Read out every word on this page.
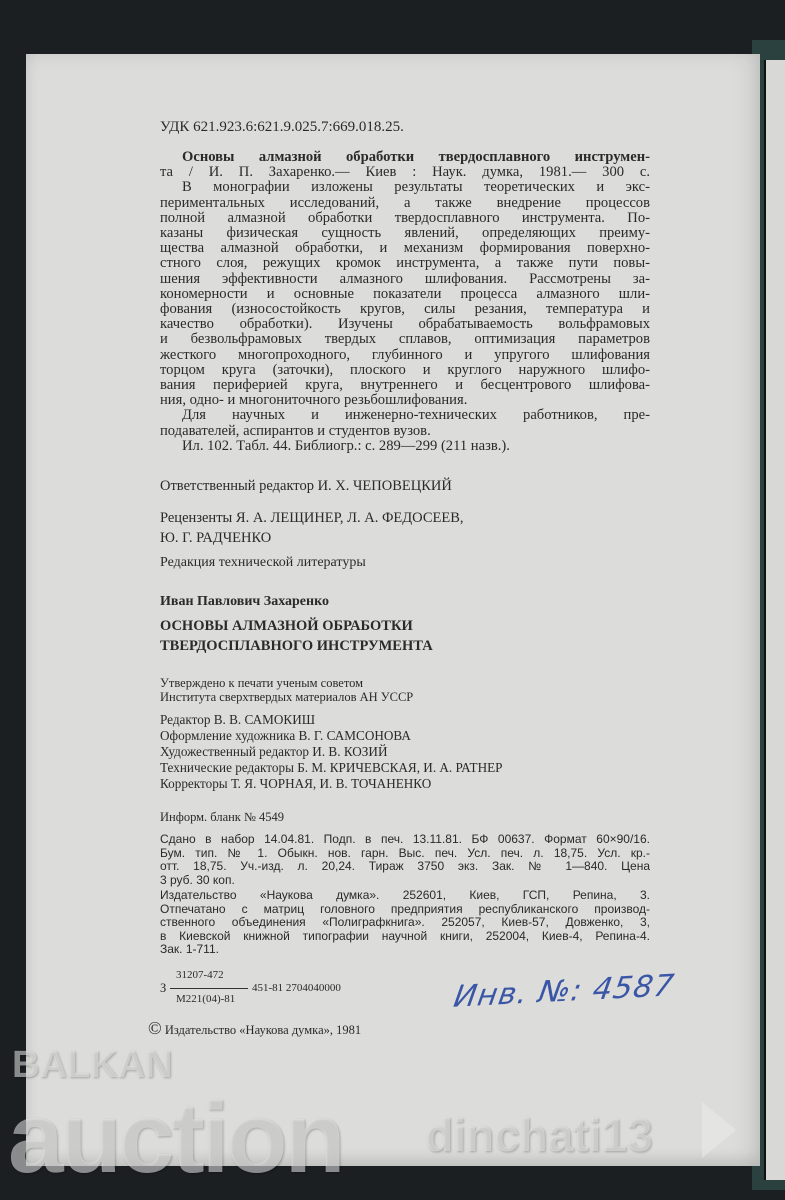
УДК 621.923.6:621.9.025.7:669.018.25.
Основы алмазной обработки твердосплавного инструмен-
та / И. П. Захаренко.— Киев : Наук. думка, 1981.— 300 с.
В монографии изложены результаты теоретических и экс-
периментальных исследований, а также внедрение процессов
полной алмазной обработки твердосплавного инструмента. По-
казаны физическая сущность явлений, определяющих преиму-
щества алмазной обработки, и механизм формирования поверхно-
стного слоя, режущих кромок инструмента, а также пути повы-
шения эффективности алмазного шлифования. Рассмотрены за-
кономерности и основные показатели процесса алмазного шли-
фования (износостойкость кругов, силы резания, температура и
качество обработки). Изучены обрабатываемость вольфрамовых
и безвольфрамовых твердых сплавов, оптимизация параметров
жесткого многопроходного, глубинного и упругого шлифования
торцом круга (заточки), плоского и круглого наружного шлифо-
вания периферией круга, внутреннего и бесцентрового шлифова-
ния, одно- и многониточного резьбошлифования.
Для научных и инженерно-технических работников, пре-
подавателей, аспирантов и студентов вузов.
Ил. 102. Табл. 44. Библиогр.: с. 289—299 (211 назв.).
Ответственный редактор И. Х. ЧЕПОВЕЦКИЙ
Рецензенты Я. А. ЛЕЩИНЕР, Л. А. ФЕДОСЕЕВ,
Ю. Г. РАДЧЕНКО
Редакция технической литературы
Иван Павлович Захаренко
ОСНОВЫ АЛМАЗНОЙ ОБРАБОТКИ
ТВЕРДОСПЛАВНОГО ИНСТРУМЕНТА
Утверждено к печати ученым советом
Института сверхтвердых материалов АН УССР
Редактор В. В. САМОКИШ
Оформление художника В. Г. САМСОНОВА
Художественный редактор И. В. КОЗИЙ
Технические редакторы Б. М. КРИЧЕВСКАЯ, И. А. РАТНЕР
Корректоры Т. Я. ЧОРНАЯ, И. В. ТОЧАНЕНКО
Информ. бланк № 4549
Сдано в набор 14.04.81. Подп. в печ. 13.11.81. БФ 00637. Формат 60×90/16.
Бум. тип. № 1. Обыкн. нов. гарн. Выс. печ. Усл. печ. л. 18,75. Усл. кр.-
отт. 18,75. Уч.-изд. л. 20,24. Тираж 3750 экз. Зак. № 1—840. Цена
3 руб. 30 коп.
Издательство «Наукова думка». 252601, Киев, ГСП, Репина, 3.
Отпечатано с матриц головного предприятия республиканского производ-
ственного объединения «Полиграфкнига». 252057, Киев-57, Довженко, 3,
в Киевской книжной типографии научной книги, 252004, Киев-4, Репина-4.
Зак. 1-711.
З
31207-472
М221(04)-81
451-81 2704040000
© Издательство «Наукова думка», 1981
Инв. №: 4587
BALKAN
auction dinchati13
